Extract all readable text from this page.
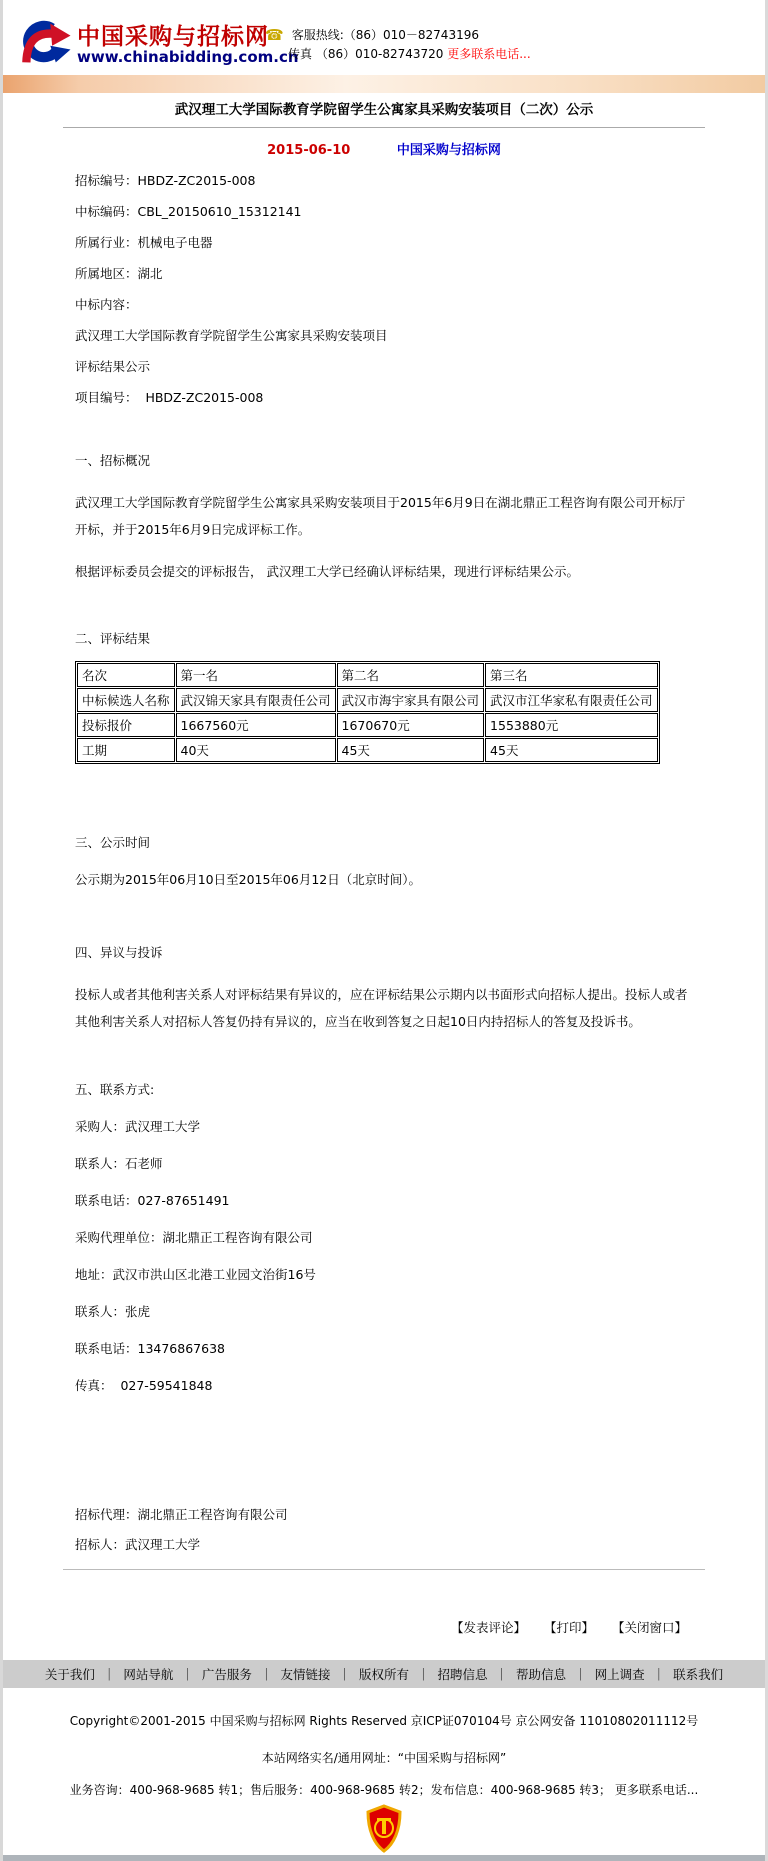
中国采购与招标网
www.chinabidding.com.cn
☎ 客服热线:（86）010－82743196
传真 （86）010-82743720
更多联系电话...
武汉理工大学国际教育学院留学生公寓家具采购安装项目（二次）公示
2015-06-10	中国采购与招标网

招标编号：HBDZ-ZC2015-008

中标编码：CBL_20150610_15312141

所属行业：机械电子电器

所属地区：湖北

中标内容：

武汉理工大学国际教育学院留学生公寓家具采购安装项目

评标结果公示

项目编号：  HBDZ-ZC2015-008

一、招标概况

武汉理工大学国际教育学院留学生公寓家具采购安装项目于2015年6月9日在湖北鼎正工程咨询有限公司开标厅开标，并于2015年6月9日完成评标工作。

根据评标委员会提交的评标报告， 武汉理工大学已经确认评标结果，现进行评标结果公示。

二、评标结果

名次	第一名	第二名	第三名
中标候选人名称	武汉锦天家具有限责任公司	武汉市海宇家具有限公司	武汉市江华家私有限责任公司
投标报价	1667560元	1670670元	1553880元
工期	40天	45天	45天

三、公示时间

公示期为2015年06月10日至2015年06月12日（北京时间）。

四、异议与投诉

投标人或者其他利害关系人对评标结果有异议的，应在评标结果公示期内以书面形式向招标人提出。投标人或者其他利害关系人对招标人答复仍持有异议的，应当在收到答复之日起10日内持招标人的答复及投诉书。

五、联系方式:

采购人：武汉理工大学

联系人：石老师

联系电话：027-87651491

采购代理单位：湖北鼎正工程咨询有限公司

地址：武汉市洪山区北港工业园文治街16号

联系人：张虎

联系电话：13476867638

传真：  027-59541848

招标代理：湖北鼎正工程咨询有限公司

招标人：武汉理工大学

【发表评论】 【打印】 【关闭窗口】
关于我们 ｜	网站导航 ｜	广告服务 ｜	友情链接 ｜	版权所有 ｜	招聘信息 ｜	帮助信息 ｜	网上调查 ｜	联系我们

Copyright©2001-2015 中国采购与招标网 Rights Reserved 京ICP证070104号 京公网安备 11010802011112号

本站网络实名/通用网址：“中国采购与招标网”

业务咨询：400-968-9685 转1；售后服务：400-968-9685 转2；发布信息：400-968-9685 转3； 更多联系电话...
